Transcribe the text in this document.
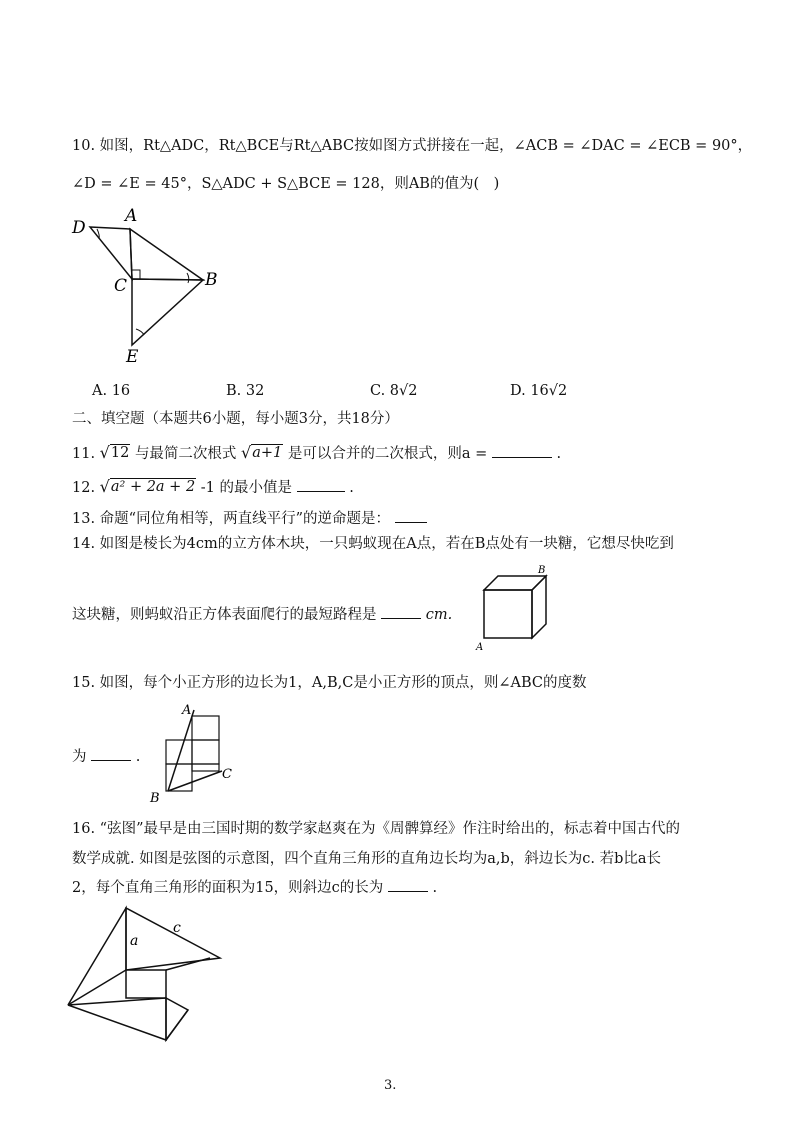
10. 如图，Rt△ADC，Rt△BCE与Rt△ABC按如图方式拼接在一起，∠ACB = ∠DAC = ∠ECB = 90°，
∠D = ∠E = 45°，S△ADC + S△BCE = 128，则AB的值为(　)
D
A
C	B
E
A. 16	B. 32	C. 8√2	D. 16√2
二、填空题（本题共6小题，每小题3分，共18分）
11. √ 12 与最简二次根式 √ a+1 是可以合并的二次根式，则a =	.
12. √ a² + 2a + 2 -1 的最小值是	.
13. 命题“同位角相等，两直线平行”的逆命题是：
14. 如图是棱长为4cm的立方体木块，一只蚂蚁现在A点，若在B点处有一块糖，它想尽快吃到
这块糖，则蚂蚁沿正方体表面爬行的最短路程是	cm.
B
A
15. 如图，每个小正方形的边长为1，A,B,C是小正方形的顶点，则∠ABC的度数
为	.
A
B
C
16. “弦图”最早是由三国时期的数学家赵爽在为《周髀算经》作注时给出的，标志着中国古代的
数学成就. 如图是弦图的示意图，四个直角三角形的直角边长均为a,b，斜边长为c. 若b比a长
2，每个直角三角形的面积为15，则斜边c的长为	.
a
c
3.
